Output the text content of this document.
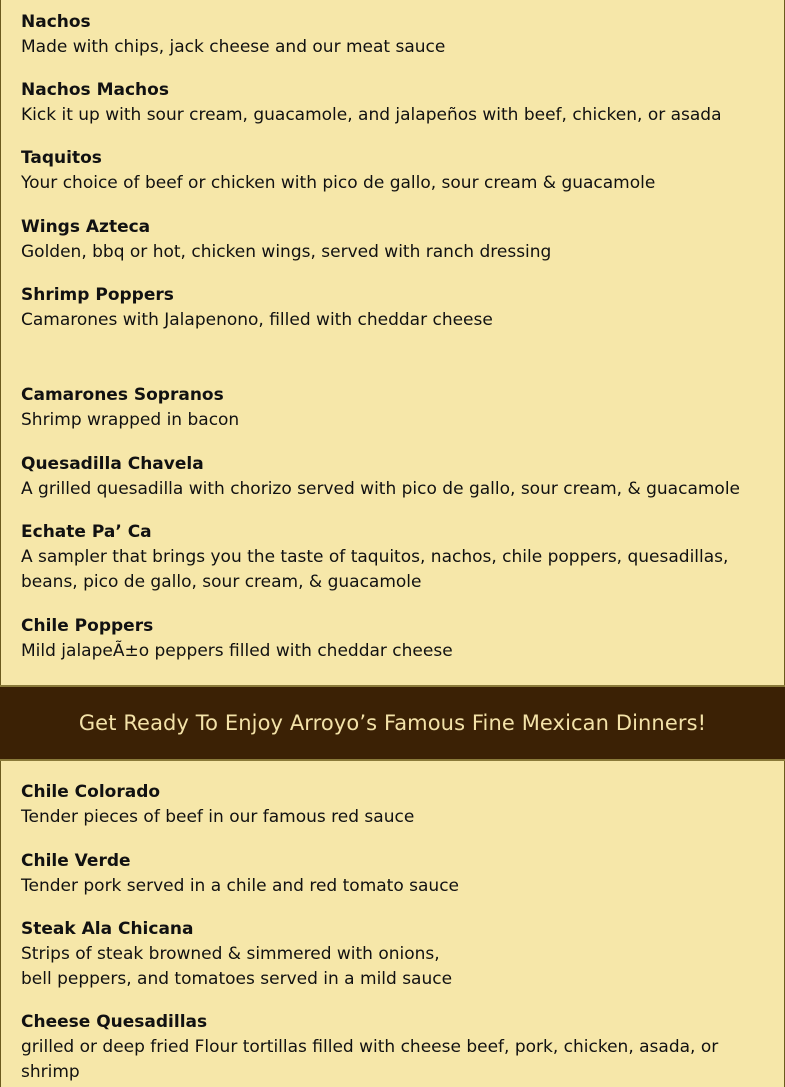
Nachos
Made with chips, jack cheese and our meat sauce
Nachos Machos
Kick it up with sour cream, guacamole, and jalapeños with beef, chicken, or asada
Taquitos
Your choice of beef or chicken with pico de gallo, sour cream & guacamole
Wings Azteca
Golden, bbq or hot, chicken wings, served with ranch dressing
Shrimp Poppers
Camarones with Jalapenono, filled with cheddar cheese
Camarones Sopranos
Shrimp wrapped in bacon
Quesadilla Chavela
A grilled quesadilla with chorizo served with pico de gallo, sour cream, & guacamole
Echate Pa’ Ca
A sampler that brings you the taste of taquitos, nachos, chile poppers, quesadillas, beans, pico de gallo, sour cream, & guacamole
Chile Poppers
Mild jalapeÃ±o peppers filled with cheddar cheese
Get Ready To Enjoy Arroyo’s Famous Fine Mexican Dinners!
Chile Colorado
Tender pieces of beef in our famous red sauce
Chile Verde
Tender pork served in a chile and red tomato sauce
Steak Ala Chicana
Strips of steak browned & simmered with onions,
bell peppers, and tomatoes served in a mild sauce
Cheese Quesadillas
grilled or deep fried Flour tortillas filled with cheese beef, pork, chicken, asada, or shrimp
